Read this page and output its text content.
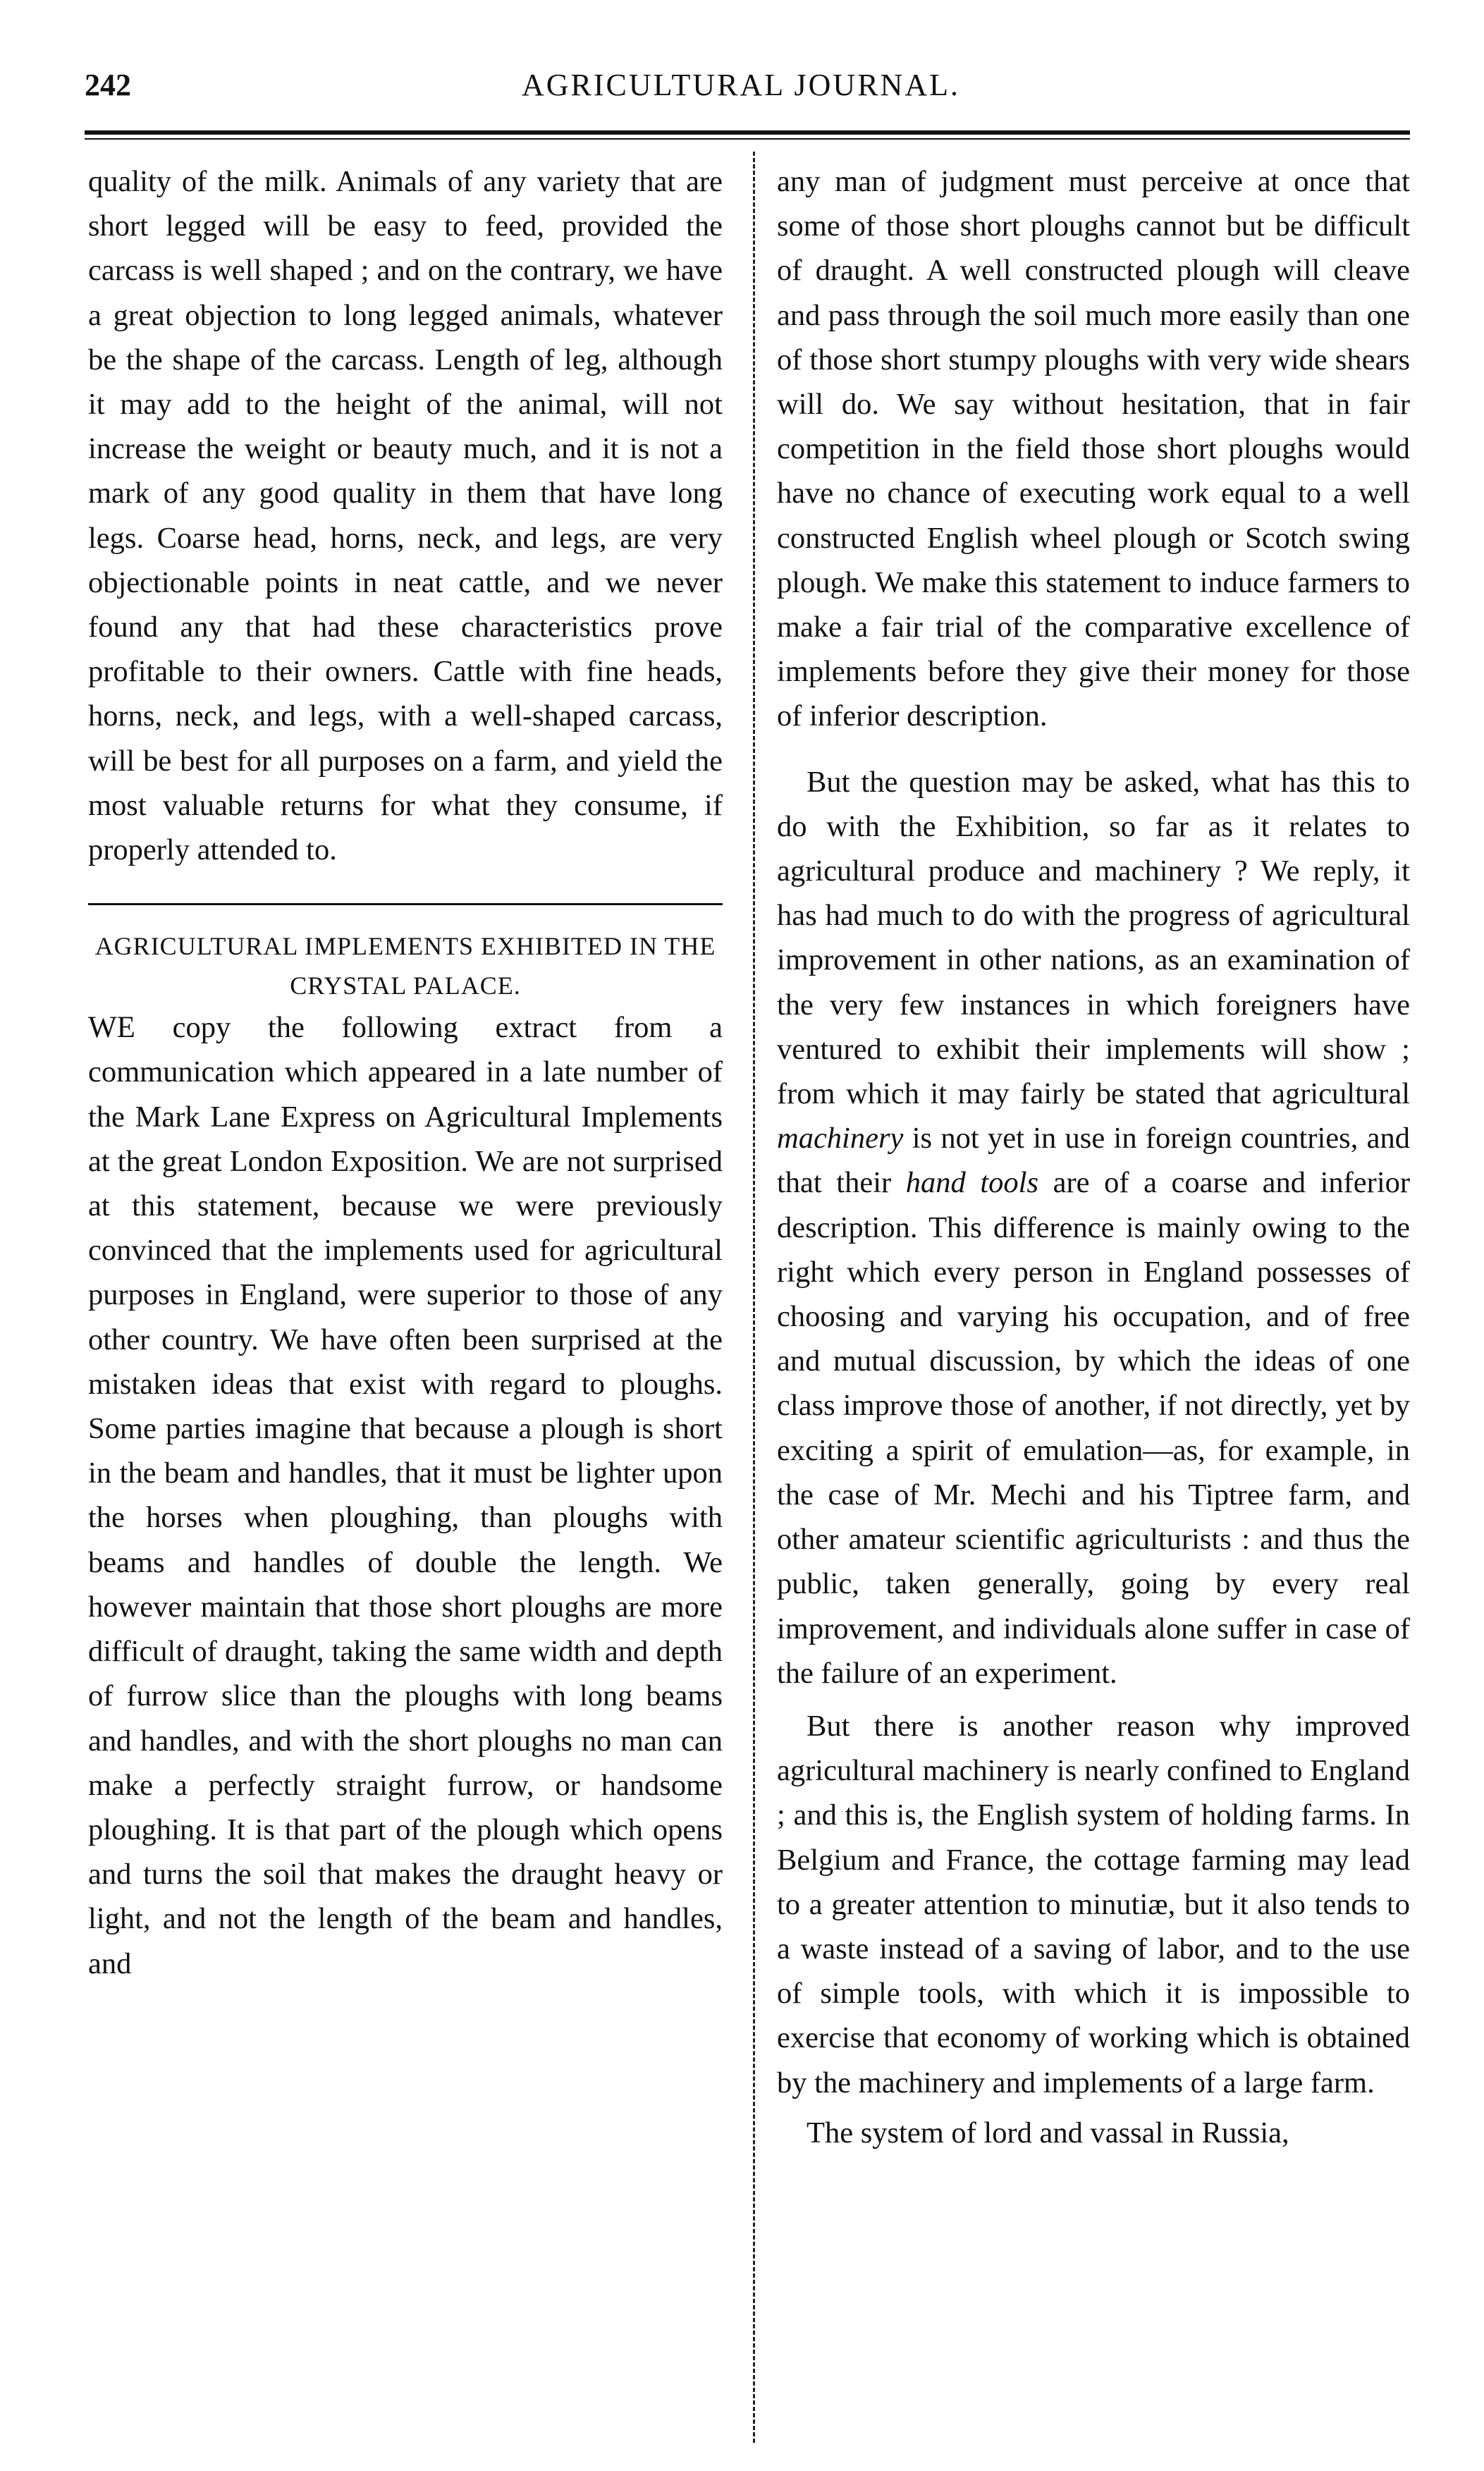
242	AGRICULTURAL JOURNAL.

quality of the milk. Animals of any variety that are short legged will be easy to feed, provided the carcass is well shaped ; and on the contrary, we have a great objection to long legged animals, whatever be the shape of the carcass. Length of leg, although it may add to the height of the animal, will not increase the weight or beauty much, and it is not a mark of any good quality in them that have long legs. Coarse head, horns, neck, and legs, are very objectionable points in neat cattle, and we never found any that had these characteristics prove profitable to their owners. Cattle with fine heads, horns, neck, and legs, with a well-shaped carcass, will be best for all purposes on a farm, and yield the most valuable returns for what they consume, if properly attended to.

AGRICULTURAL IMPLEMENTS EXHIBITED IN THE CRYSTAL PALACE.

WE copy the following extract from a communication which appeared in a late number of the Mark Lane Express on Agricultural Implements at the great London Exposition. We are not surprised at this statement, because we were previously convinced that the implements used for agricultural purposes in England, were superior to those of any other country. We have often been surprised at the mistaken ideas that exist with regard to ploughs. Some parties imagine that because a plough is short in the beam and handles, that it must be lighter upon the horses when ploughing, than ploughs with beams and handles of double the length. We however maintain that those short ploughs are more difficult of draught, taking the same width and depth of furrow slice than the ploughs with long beams and handles, and with the short ploughs no man can make a perfectly straight furrow, or handsome ploughing. It is that part of the plough which opens and turns the soil that makes the draught heavy or light, and not the length of the beam and handles, and

any man of judgment must perceive at once that some of those short ploughs cannot but be difficult of draught. A well constructed plough will cleave and pass through the soil much more easily than one of those short stumpy ploughs with very wide shears will do. We say without hesitation, that in fair competition in the field those short ploughs would have no chance of executing work equal to a well constructed English wheel plough or Scotch swing plough. We make this statement to induce farmers to make a fair trial of the comparative excellence of implements before they give their money for those of inferior description.

But the question may be asked, what has this to do with the Exhibition, so far as it relates to agricultural produce and machinery ? We reply, it has had much to do with the progress of agricultural improvement in other nations, as an examination of the very few instances in which foreigners have ventured to exhibit their implements will show ; from which it may fairly be stated that agricultural machinery is not yet in use in foreign countries, and that their hand tools are of a coarse and inferior description. This difference is mainly owing to the right which every person in England possesses of choosing and varying his occupation, and of free and mutual discussion, by which the ideas of one class improve those of another, if not directly, yet by exciting a spirit of emulation—as, for example, in the case of Mr. Mechi and his Tiptree farm, and other amateur scientific agriculturists : and thus the public, taken generally, going by every real improvement, and individuals alone suffer in case of the failure of an experiment.

But there is another reason why improved agricultural machinery is nearly confined to England ; and this is, the English system of holding farms. In Belgium and France, the cottage farming may lead to a greater attention to minutiæ, but it also tends to a waste instead of a saving of labor, and to the use of simple tools, with which it is impossible to exercise that economy of working which is obtained by the machinery and implements of a large farm.

The system of lord and vassal in Russia,
